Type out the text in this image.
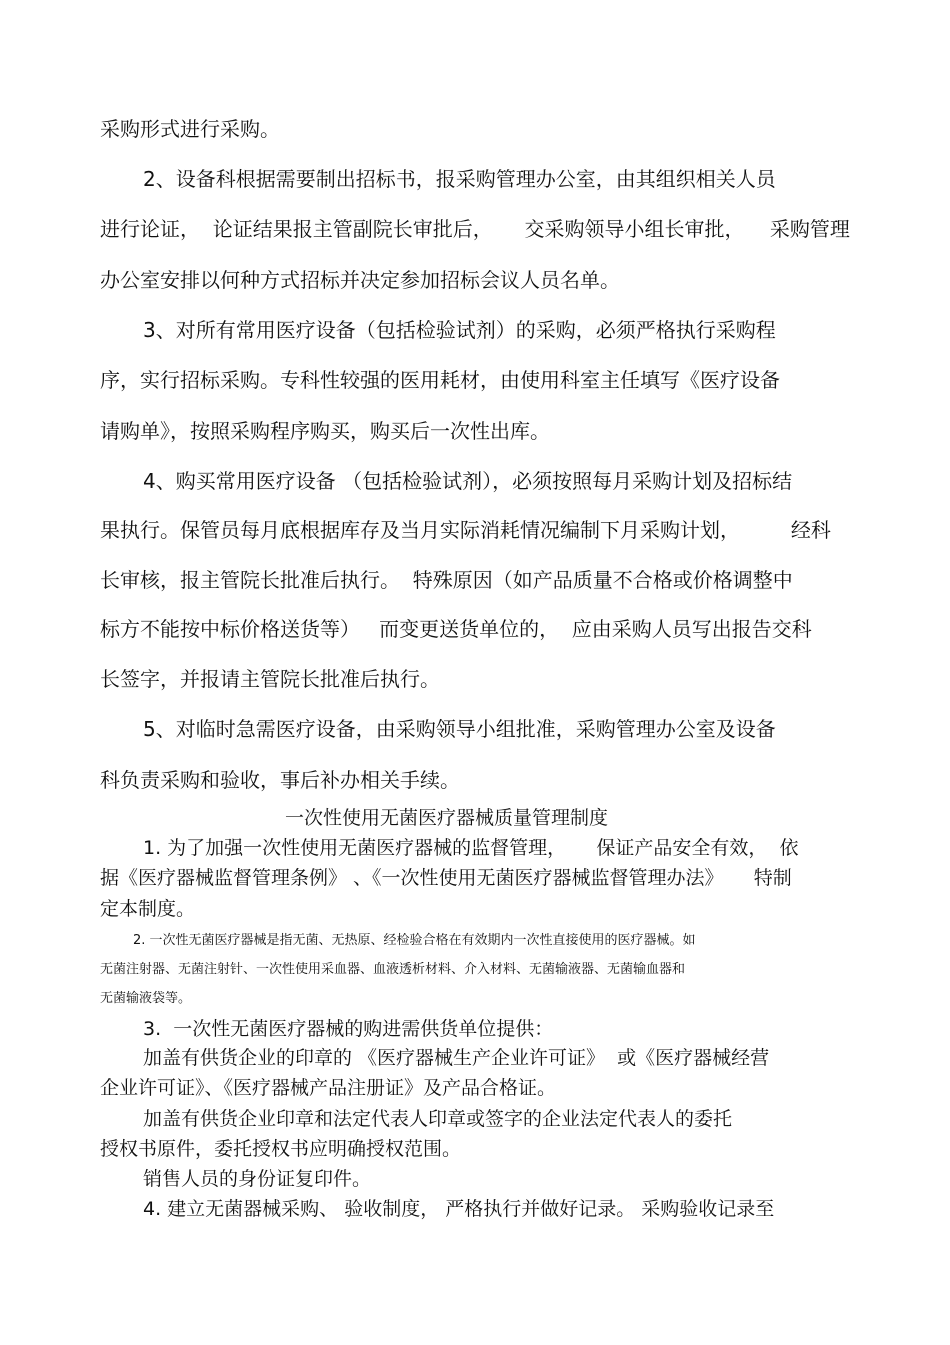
采购形式进行采购。
2、设备科根据需要制出招标书，报采购管理办公室，由其组织相关人员
进行论证，  论证结果报主管副院长审批后，     交采购领导小组长审批，    采购管理
办公室安排以何种方式招标并决定参加招标会议人员名单。
3、对所有常用医疗设备（包括检验试剂）的采购，必须严格执行采购程
序，实行招标采购。专科性较强的医用耗材，由使用科室主任填写《医疗设备
请购单》，按照采购程序购买，购买后一次性出库。
4、购买常用医疗设备 （包括检验试剂），必须按照每月采购计划及招标结
果执行。保管员每月底根据库存及当月实际消耗情况编制下月采购计划，        经科
长审核，报主管院长批准后执行。  特殊原因（如产品质量不合格或价格调整中
标方不能按中标价格送货等）   而变更送货单位的，  应由采购人员写出报告交科
长签字，并报请主管院长批准后执行。
5、对临时急需医疗设备，由采购领导小组批准，采购管理办公室及设备
科负责采购和验收，事后补办相关手续。
一次性使用无菌医疗器械质量管理制度
1. 为了加强一次性使用无菌医疗器械的监督管理，     保证产品安全有效，  依
据《医疗器械监督管理条例》 、《一次性使用无菌医疗器械监督管理办法》     特制
定本制度。
2. 一次性无菌医疗器械是指无菌、无热原、经检验合格在有效期内一次性直接使用的医疗器械。如
无菌注射器、无菌注射针、一次性使用采血器、血液透析材料、介入材料、无菌输液器、无菌输血器和
无菌输液袋等。
3.  一次性无菌医疗器械的购进需供货单位提供：
加盖有供货企业的印章的 《医疗器械生产企业许可证》  或《医疗器械经营
企业许可证》、《医疗器械产品注册证》及产品合格证。
加盖有供货企业印章和法定代表人印章或签字的企业法定代表人的委托
授权书原件，委托授权书应明确授权范围。
销售人员的身份证复印件。
4. 建立无菌器械采购、 验收制度， 严格执行并做好记录。 采购验收记录至
